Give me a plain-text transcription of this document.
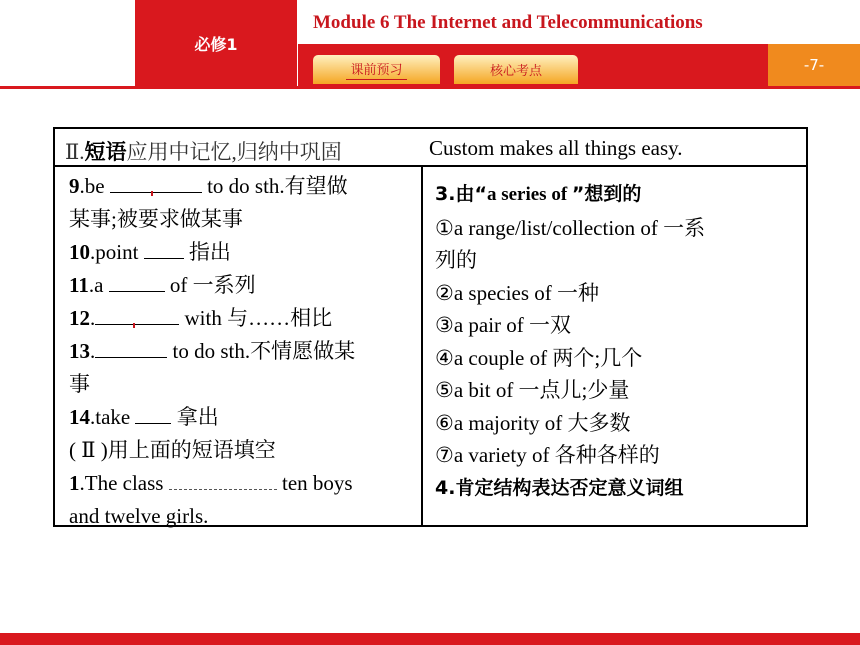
必修1
Module 6 The Internet and Telecommunications
课前预习	核心考点	-7-
Ⅱ.短语应用中记忆,归纳中巩固	Custom makes all things easy.
9.be	to do sth.有望做
某事;被要求做某事
10.point  指出
11.a	of 一系列
12.	with 与……相比
13.	to do sth.不情愿做某
事
14.take  拿出
( Ⅱ )用上面的短语填空
1.The class	ten boys
and twelve girls.
3.由“a series of ”想到的
①a range/list/collection of 一系
列的
②a species of 一种
③a pair of 一双
④a couple of 两个;几个
⑤a bit of 一点儿;少量
⑥a majority of 大多数
⑦a variety of 各种各样的
4.肯定结构表达否定意义词组
